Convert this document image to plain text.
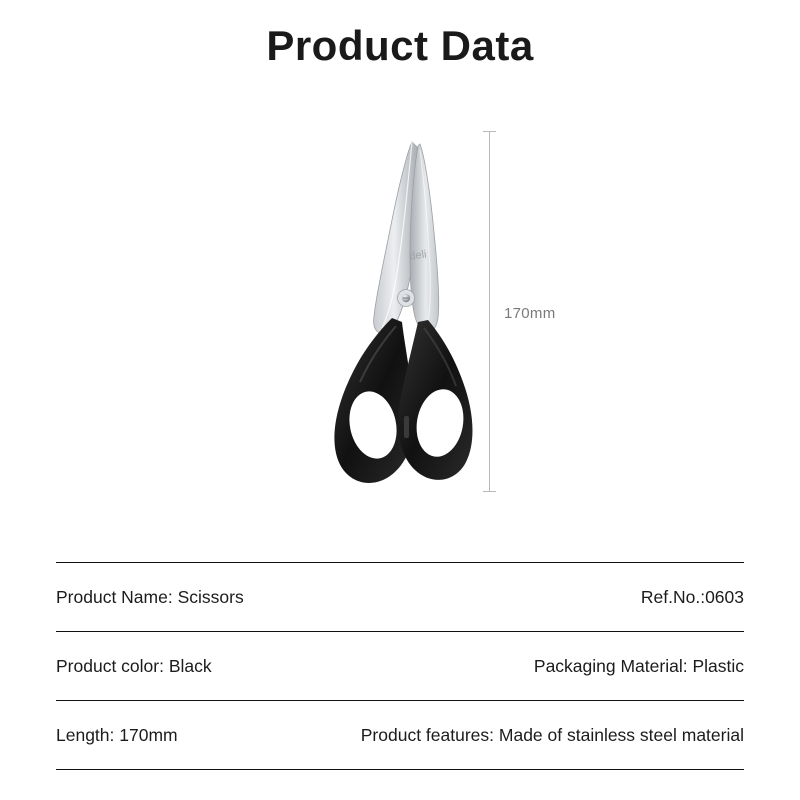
Product Data
deli
170mm
Product Name: Scissors	Ref.No.:0603
Product color: Black	Packaging Material: Plastic
Length: 170mm	Product features: Made of stainless steel material
